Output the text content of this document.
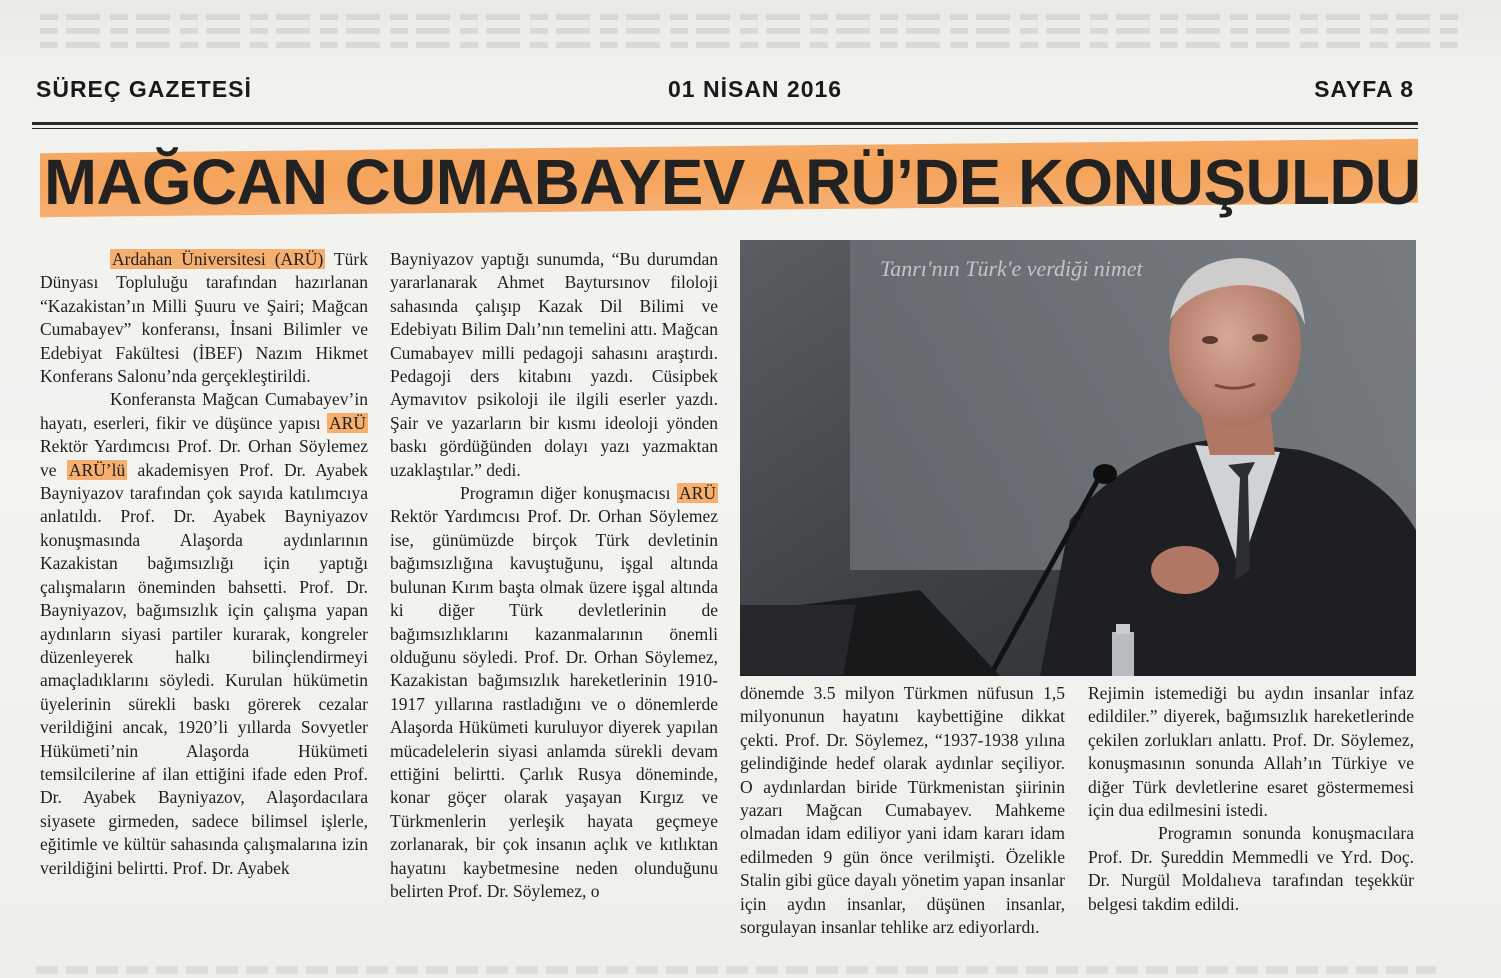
SÜREÇ GAZETESİ	01 NİSAN 2016	SAYFA 8
MAĞCAN CUMABAYEV ARÜ’DE KONUŞULDU

Ardahan Üniversitesi (ARÜ) Türk Dünyası Topluluğu tarafından hazırlanan “Kazakistan’ın Milli Şuuru ve Şairi; Mağcan Cumabayev” konferansı, İnsani Bilimler ve Edebiyat Fakültesi (İBEF) Nazım Hikmet Konferans Salonu’nda gerçekleştirildi.

Konferansta Mağcan Cumabayev’in hayatı, eserleri, fikir ve düşünce yapısı ARÜ Rektör Yardımcısı Prof. Dr. Orhan Söylemez ve ARÜ’lü akademisyen Prof. Dr. Ayabek Bayniyazov tarafından çok sayıda katılımcıya anlatıldı. Prof. Dr. Ayabek Bayniyazov konuşmasında Alaşorda aydınlarının Kazakistan bağımsızlığı için yaptığı çalışmaların öneminden bahsetti. Prof. Dr. Bayniyazov, bağımsızlık için çalışma yapan aydınların siyasi partiler kurarak, kongreler düzenleyerek halkı bilinçlendirmeyi amaçladıklarını söyledi. Kurulan hükümetin üyelerinin sürekli baskı görerek cezalar verildiğini ancak, 1920’li yıllarda Sovyetler Hükümeti’nin Alaşorda Hükümeti temsilcilerine af ilan ettiğini ifade eden Prof. Dr. Ayabek Bayniyazov, Alaşordacılara siyasete girmeden, sadece bilimsel işlerle, eğitimle ve kültür sahasında çalışmalarına izin verildiğini belirtti. Prof. Dr. Ayabek

Bayniyazov yaptığı sunumda, “Bu durumdan yararlanarak Ahmet Baytursınov filoloji sahasında çalışıp Kazak Dil Bilimi ve Edebiyatı Bilim Dalı’nın temelini attı. Mağcan Cumabayev milli pedagoji sahasını araştırdı. Pedagoji ders kitabını yazdı. Cüsipbek Aymavıtov psikoloji ile ilgili eserler yazdı. Şair ve yazarların bir kısmı ideoloji yönden baskı gördüğünden dolayı yazı yazmaktan uzaklaştılar.” dedi.

Programın diğer konuşmacısı ARÜ Rektör Yardımcısı Prof. Dr. Orhan Söylemez ise, günümüzde birçok Türk devletinin bağımsızlığına kavuştuğunu, işgal altında bulunan Kırım başta olmak üzere işgal altında ki diğer Türk devletlerinin de bağımsızlıklarını kazanmalarının önemli olduğunu söyledi. Prof. Dr. Orhan Söylemez, Kazakistan bağımsızlık hareketlerinin 1910-1917 yıllarına rastladığını ve o dönemlerde Alaşorda Hükümeti kuruluyor diyerek yapılan mücadelelerin siyasi anlamda sürekli devam ettiğini belirtti. Çarlık Rusya döneminde, konar göçer olarak yaşayan Kırgız ve Türkmenlerin yerleşik hayata geçmeye zorlanarak, bir çok insanın açlık ve kıtlıktan hayatını kaybetmesine neden olunduğunu belirten Prof. Dr. Söylemez, o

Tanrı'nın Türk'e verdiği nimet

dönemde 3.5 milyon Türkmen nüfusun 1,5 milyonunun hayatını kaybettiğine dikkat çekti. Prof. Dr. Söylemez, “1937-1938 yılına gelindiğinde hedef olarak aydınlar seçiliyor. O aydınlardan biride Türkmenistan şiirinin yazarı Mağcan Cumabayev. Mahkeme olmadan idam ediliyor yani idam kararı idam edilmeden 9 gün önce verilmişti. Özelikle Stalin gibi güce dayalı yönetim yapan insanlar için aydın insanlar, düşünen insanlar, sorgulayan insanlar tehlike arz ediyorlardı.

Rejimin istemediği bu aydın insanlar infaz edildiler.” diyerek, bağımsızlık hareketlerinde çekilen zorlukları anlattı. Prof. Dr. Söylemez, konuşmasının sonunda Allah’ın Türkiye ve diğer Türk devletlerine esaret göstermemesi için dua edilmesini istedi.

Programın sonunda konuşmacılara Prof. Dr. Şureddin Memmedli ve Yrd. Doç. Dr. Nurgül Moldalıeva tarafından teşekkür belgesi takdim edildi.
